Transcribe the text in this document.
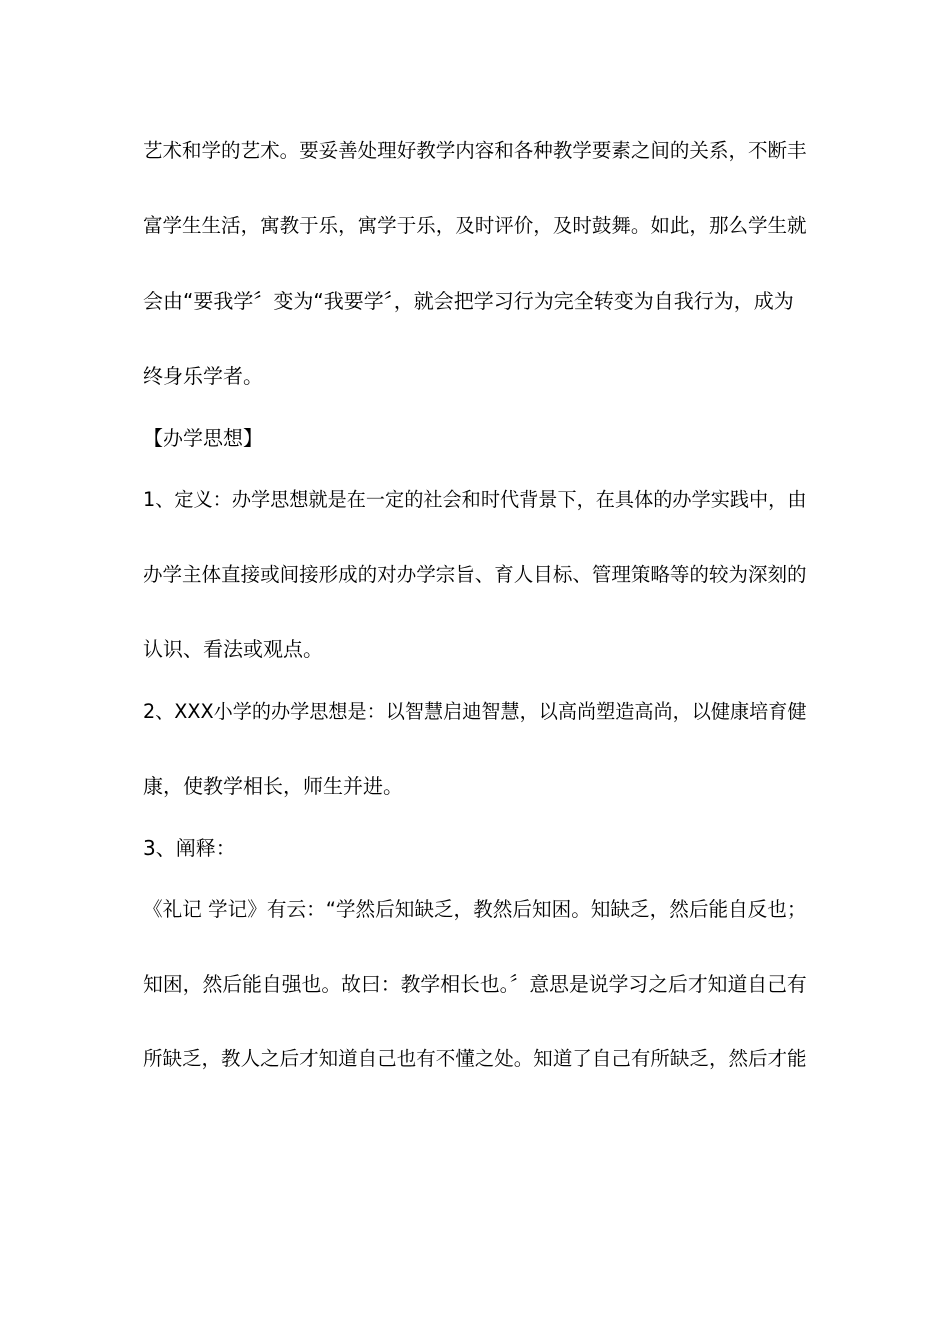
艺术和学的艺术。要妥善处理好教学内容和各种教学要素之间的关系，不断丰
富学生生活，寓教于乐，寓学于乐，及时评价，及时鼓舞。如此，那么学生就
会由“要我学〞变为“我要学〞，就会把学习行为完全转变为自我行为，成为
终身乐学者。
【办学思想】
1、定义：办学思想就是在一定的社会和时代背景下，在具体的办学实践中，由
办学主体直接或间接形成的对办学宗旨、育人目标、管理策略等的较为深刻的
认识、看法或观点。
2、XXX小学的办学思想是：以智慧启迪智慧，以高尚塑造高尚，以健康培育健
康，使教学相长，师生并进。
3、阐释：
《礼记 学记》有云：“学然后知缺乏，教然后知困。知缺乏，然后能自反也；
知困，然后能自强也。故曰：教学相长也。〞意思是说学习之后才知道自己有
所缺乏，教人之后才知道自己也有不懂之处。知道了自己有所缺乏，然后才能
